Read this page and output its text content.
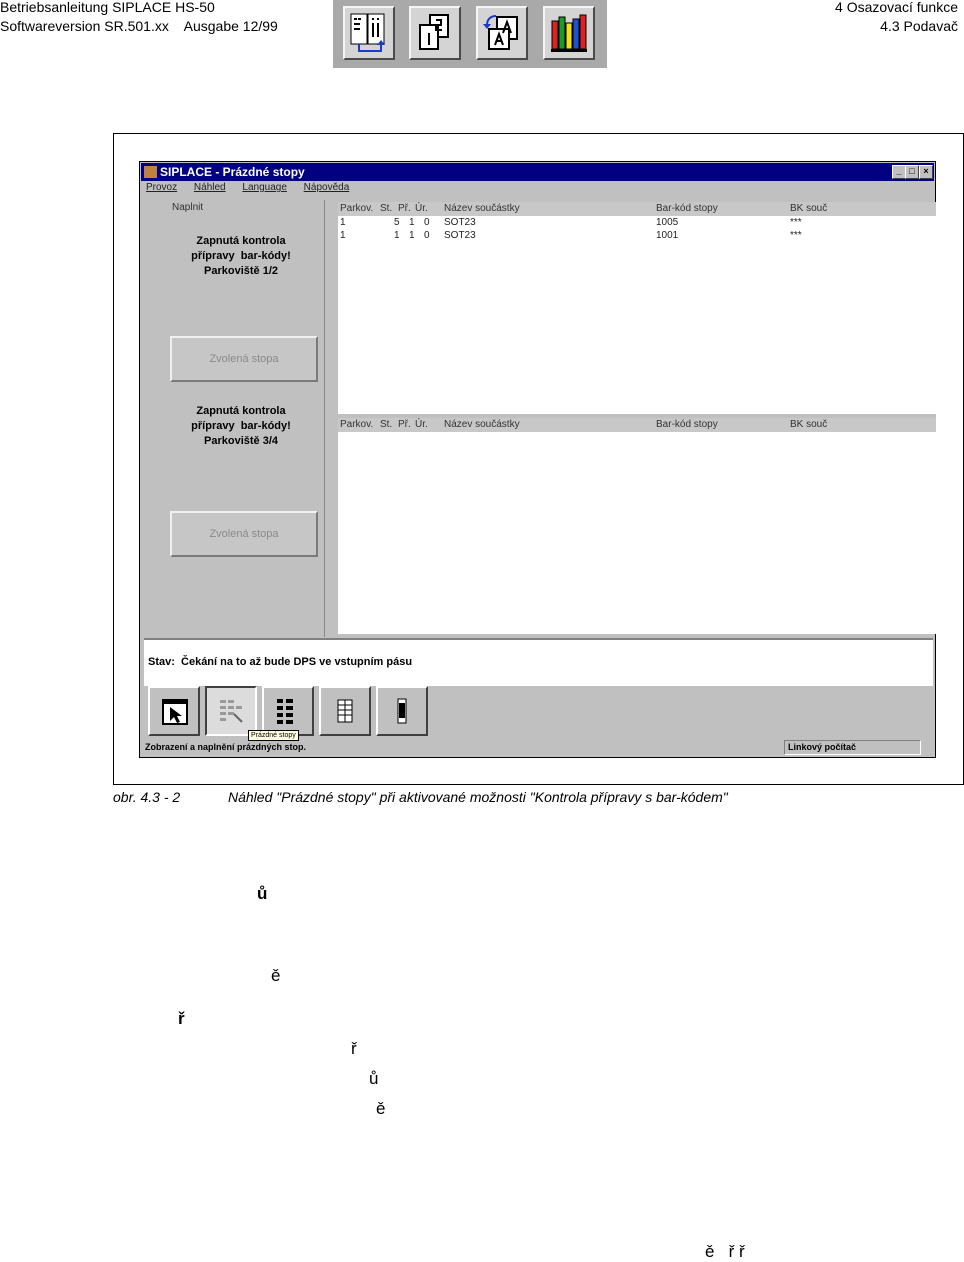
Betriebsanleitung SIPLACE HS-50
Softwareversion SR.501.xx    Ausgabe 12/99
4 Osazovací funkce
4.3 Podavač
SIPLACE - Prázdné stopy	_ □ ×
Provoz Náhled Language Nápověda
Naplnit
Zapnutá kontrola
přípravy  bar-kódy!
Parkoviště 1/2
Zvolená stopa
Zapnutá kontrola
přípravy  bar-kódy!
Parkoviště 3/4
Zvolená stopa
Parkov. St. Př. Úr. Název součástky	Bar-kód stopy	BK souč
1	5 1 0 SOT23	1005	***
1	1 1 0 SOT23	1001	***
Parkov. St. Př. Úr. Název součástky	Bar-kód stopy	BK souč
Stav:  Čekání na to až bude DPS ve vstupním pásu
Prázdné stopy
Zobrazení a naplnění prázdných stop.	Linkový počítač
obr. 4.3 - 2	Náhled "Prázdné stopy" při aktivované možnosti "Kontrola přípravy s bar-kódem"
ů
ě
ř
ř
ů
ě
ě   ř ř
